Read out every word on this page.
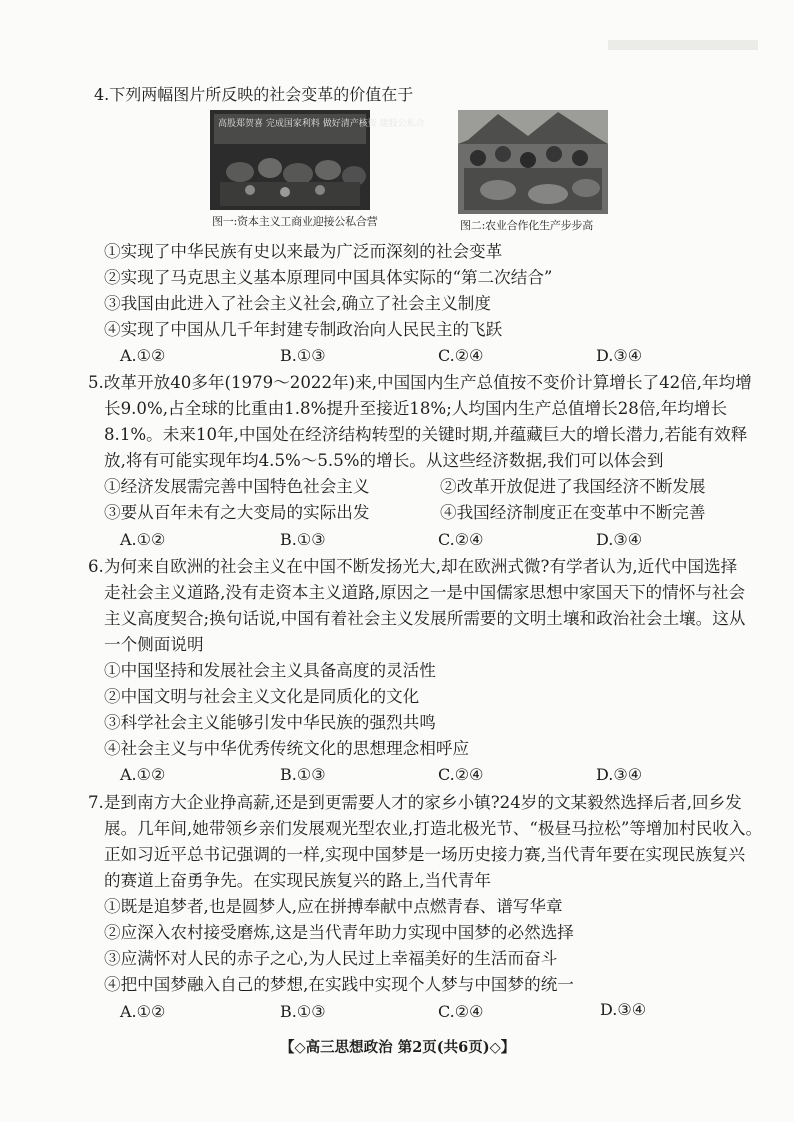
4.下列两幅图片所反映的社会变革的价值在于
高股郑贺喜 完成国家利料 做好清产核资 建股公私合
图一:资本主义工商业迎接公私合营	图二:农业合作化生产步步高
①实现了中华民族有史以来最为广泛而深刻的社会变革
②实现了马克思主义基本原理同中国具体实际的“第二次结合”
③我国由此进入了社会主义社会,确立了社会主义制度
④实现了中国从几千年封建专制政治向人民民主的飞跃
A.①②	B.①③	C.②④	D.③④
5.改革开放40多年(1979～2022年)来,中国国内生产总值按不变价计算增长了42倍,年均增
长9.0%,占全球的比重由1.8%提升至接近18%;人均国内生产总值增长28倍,年均增长
8.1%。未来10年,中国处在经济结构转型的关键时期,并蕴藏巨大的增长潜力,若能有效释
放,将有可能实现年均4.5%～5.5%的增长。从这些经济数据,我们可以体会到
①经济发展需完善中国特色社会主义	②改革开放促进了我国经济不断发展
③要从百年未有之大变局的实际出发	④我国经济制度正在变革中不断完善
A.①②	B.①③	C.②④	D.③④
6.为何来自欧洲的社会主义在中国不断发扬光大,却在欧洲式微?有学者认为,近代中国选择
走社会主义道路,没有走资本主义道路,原因之一是中国儒家思想中家国天下的情怀与社会
主义高度契合;换句话说,中国有着社会主义发展所需要的文明土壤和政治社会土壤。这从
一个侧面说明
①中国坚持和发展社会主义具备高度的灵活性
②中国文明与社会主义文化是同质化的文化
③科学社会主义能够引发中华民族的强烈共鸣
④社会主义与中华优秀传统文化的思想理念相呼应
A.①②	B.①③	C.②④	D.③④
7.是到南方大企业挣高薪,还是到更需要人才的家乡小镇?24岁的文某毅然选择后者,回乡发
展。几年间,她带领乡亲们发展观光型农业,打造北极光节、“极昼马拉松”等增加村民收入。
正如习近平总书记强调的一样,实现中国梦是一场历史接力赛,当代青年要在实现民族复兴
的赛道上奋勇争先。在实现民族复兴的路上,当代青年
①既是追梦者,也是圆梦人,应在拼搏奉献中点燃青春、谱写华章
②应深入农村接受磨炼,这是当代青年助力实现中国梦的必然选择
③应满怀对人民的赤子之心,为人民过上幸福美好的生活而奋斗
④把中国梦融入自己的梦想,在实践中实现个人梦与中国梦的统一
A.①②	B.①③	C.②④	D.③④
【◇高三思想政治 第2页(共6页)◇】
